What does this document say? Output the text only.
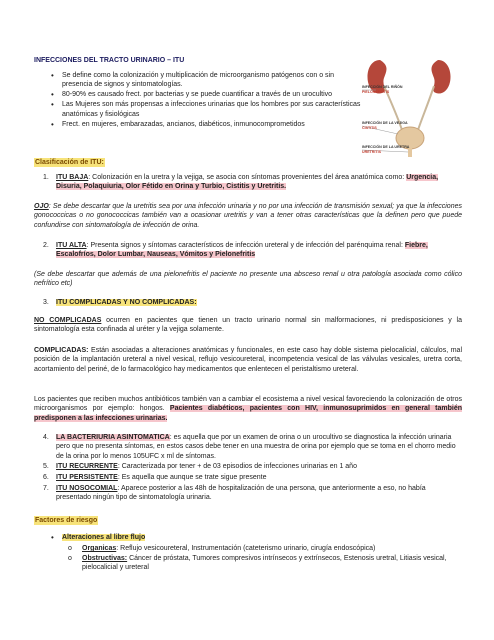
INFECCIONES DEL TRACTO URINARIO – ITU
• Se define como la colonización y multiplicación de microorganismo patógenos con o sin presencia de signos y sintomatologías.
• 80-90% es causado frect. por bacterias y se puede cuantificar a través de un urocultivo
• Las Mujeres son más propensas a infecciones urinarias que los hombres por sus características anatómicas y fisiológicas
• Frect. en mujeres, embarazadas, ancianos, diabéticos, inmunocomprometidos
INFECCIÓN DEL RIÑÓN
PIELONEFRITIS
INFECCIÓN DE LA VEJIGA
CISTITIS
INFECCIÓN DE LA URETRA
URETRITIS
Clasificación de ITU:
1. ITU BAJA: Colonización en la uretra y la vejiga, se asocia con síntomas provenientes del área anatómica como: Urgencia, Disuria, Polaquiuria, Olor Fétido en Orina y Turbio, Cistitis y Uretritis.
OJO: Se debe descartar que la uretritis sea por una infección urinaria y no por una infección de transmisión sexual; ya que la infecciones gonococcicas o no gonococcicas también van a ocasionar uretritis y van a tener otras características que la definen pero que puede confundirse con sintomatología de infección de orina.
2. ITU ALTA: Presenta signos y síntomas característicos de infección ureteral y de infección del parénquima renal: Fiebre, Escalofríos, Dolor Lumbar, Nauseas, Vómitos y Pielonefritis
(Se debe descartar que además de una pielonefritis el paciente no presente una absceso renal u otra patología asociada como cólico nefrítico etc)
3. ITU COMPLICADAS Y NO COMPLICADAS:
NO COMPLICADAS ocurren en pacientes que tienen un tracto urinario normal sin malformaciones, ni predisposiciones y la sintomatología esta confinada al uréter y la vejiga solamente.
COMPLICADAS: Están asociadas a alteraciones anatómicas y funcionales, en este caso hay doble sistema pielocalicial, cálculos, mal posición de la implantación ureteral a nivel vesical, reflujo vesicoureteral, incompetencia vesical de las válvulas vesicales, uretra corta, acortamiento del periné, de lo farmacológico hay medicamentos que enlentecen el peristaltismo ureteral.
Los pacientes que reciben muchos antibióticos también van a cambiar el ecosistema a nivel vesical favoreciendo la colonización de otros microorganismos por ejemplo: hongos. Pacientes diabéticos, pacientes con HIV, inmunosuprimidos en general también predisponen a las infecciones urinarias.
4. LA BACTERIURIA ASINTOMATICA: es aquella que por un examen de orina o un urocultivo se diagnostica la infección urinaria pero que no presenta síntomas, en estos casos debe tener en una muestra de orina por ejemplo que se toma en el chorro medio de la orina por lo menos 105UFC x ml de síntomas.
5. ITU RECURRENTE: Caracterizada por tener + de 03 episodios de infecciones urinarias en 1 año
6. ITU PERSISTENTE: Es aquella que aunque se trate sigue presente
7. ITU NOSOCOMIAL: Aparece posterior a las 48h de hospitalización de una persona, que anteriormente a eso, no había presentado ningún tipo de sintomatología urinaria.
Factores de riesgo
• Alteraciones al libre flujo
o Organicas: Reflujo vesicoureteral, Instrumentación (cateterismo urinario, cirugía endoscópica)
o Obstructivas: Cáncer de próstata, Tumores compresivos intrínsecos y extrínsecos, Estenosis uretral, Litiasis vesical, pielocalicial y ureteral
